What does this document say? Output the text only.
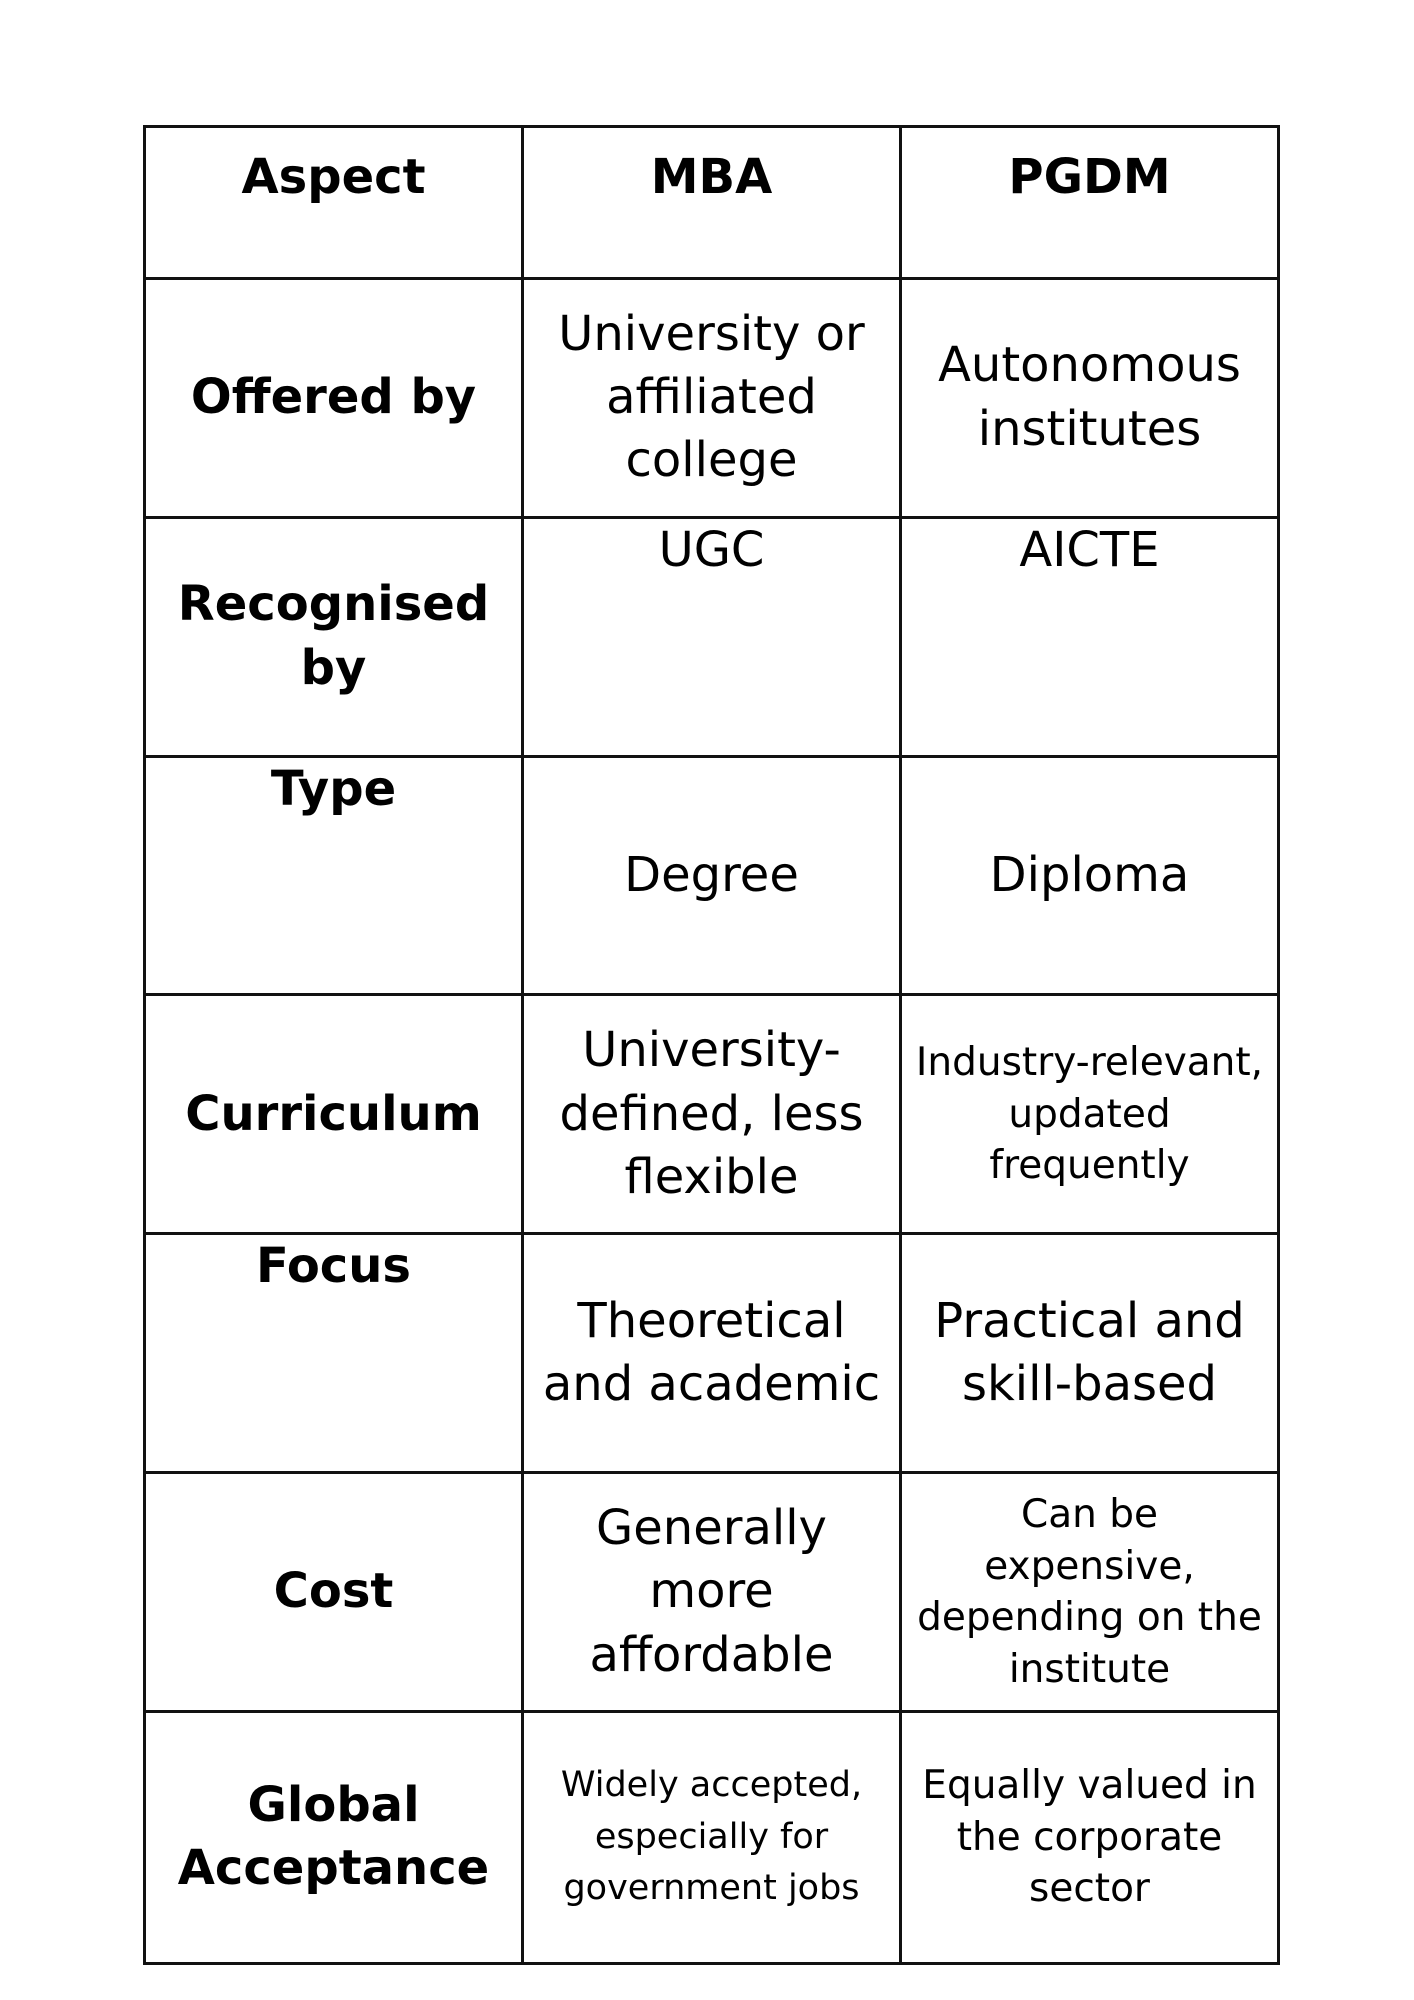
Aspect	MBA	PGDM
Offered by	University or affiliated college	Autonomous institutes
Recognised by	UGC	AICTE
Type	Degree	Diploma
Curriculum	University-defined, less flexible	Industry-relevant, updated frequently
Focus	Theoretical and academic	Practical and skill-based
Cost	Generally more affordable	Can be expensive, depending on the institute
Global Acceptance	Widely accepted, especially for government jobs	Equally valued in the corporate sector
